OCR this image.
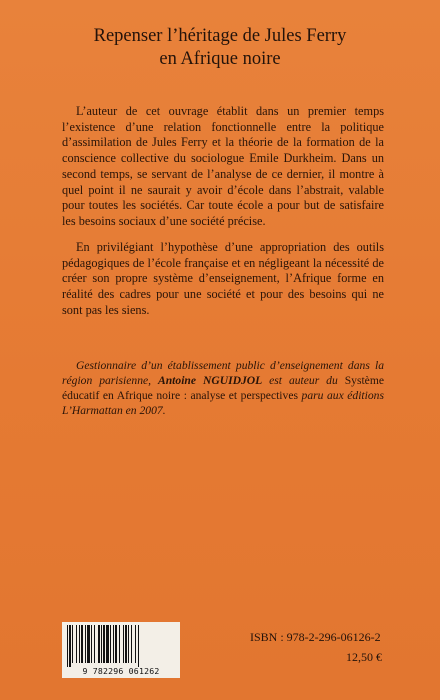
Repenser l’héritage de Jules Ferry
en Afrique noire

L’auteur de cet ouvrage établit dans un premier temps l’existence d’une relation fonctionnelle entre la politique d’assimilation de Jules Ferry et la théorie de la formation de la conscience collective du sociologue Emile Durkheim. Dans un second temps, se servant de l’analyse de ce dernier, il montre à quel point il ne saurait y avoir d’école dans l’abstrait, valable pour toutes les sociétés. Car toute école a pour but de satisfaire les besoins sociaux d’une société précise.

En privilégiant l’hypothèse d’une appropriation des outils pédagogiques de l’école française et en négligeant la nécessité de créer son propre système d’enseignement, l’Afrique forme en réalité des cadres pour une société et pour des besoins qui ne sont pas les siens.

Gestionnaire d’un établissement public d’enseignement dans la région parisienne, Antoine NGUIDJOL est auteur du Système éducatif en Afrique noire : analyse et perspectives paru aux éditions L’Harmattan en 2007.
9 782296 061262
ISBN : 978-2-296-06126-2
12,50 €
